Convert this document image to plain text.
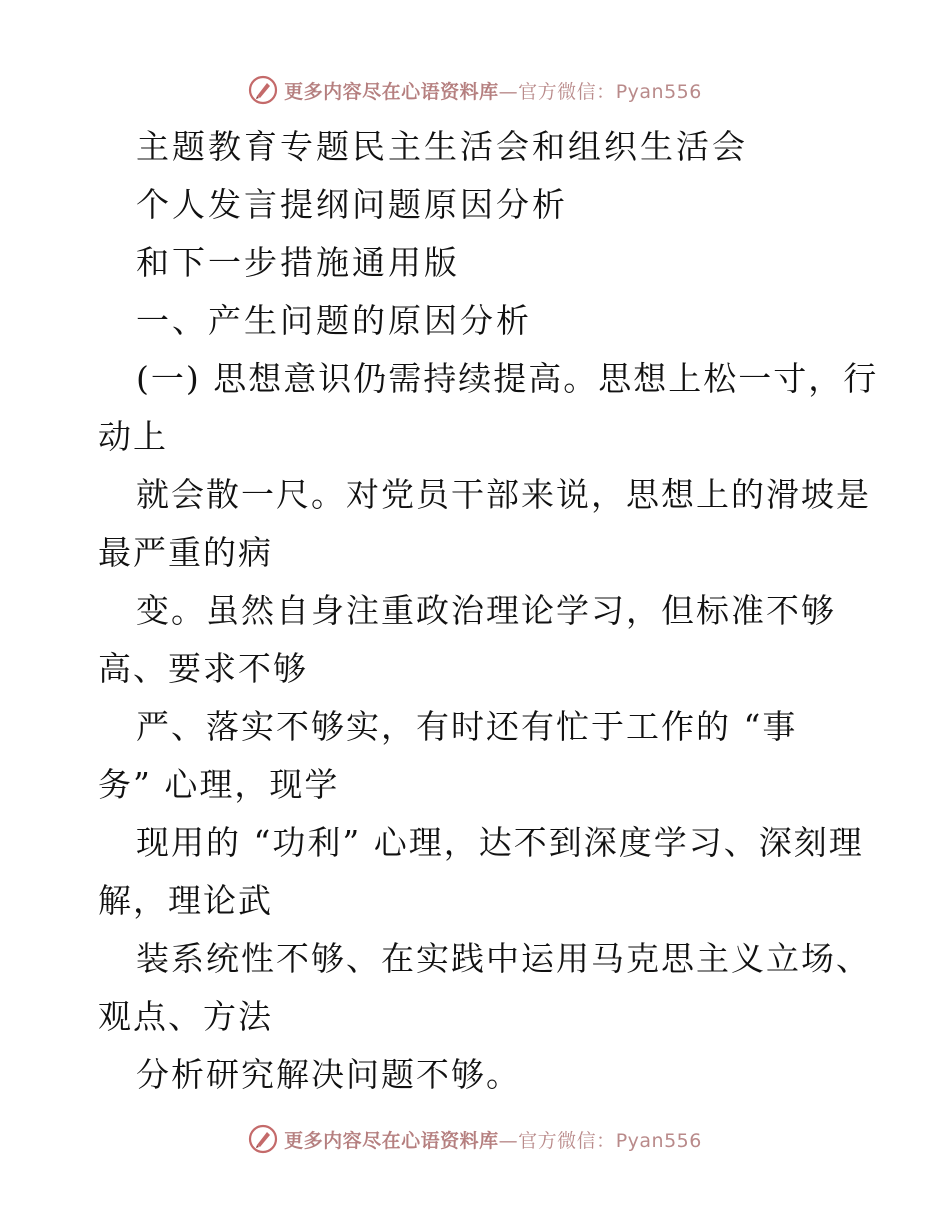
更多内容尽在心语资料库—官方微信：Pyan556
主题教育专题民主生活会和组织生活会
个人发言提纲问题原因分析
和下一步措施通用版
一、产生问题的原因分析
(一) 思想意识仍需持续提高。思想上松一寸，行
动上
就会散一尺。对党员干部来说，思想上的滑坡是
最严重的病
变。虽然自身注重政治理论学习，但标准不够
高、要求不够
严、落实不够实，有时还有忙于工作的 “事
务” 心理，现学
现用的 “功利” 心理，达不到深度学习、深刻理
解，理论武
装系统性不够、在实践中运用马克思主义立场、
观点、方法
分析研究解决问题不够。
更多内容尽在心语资料库—官方微信：Pyan556
